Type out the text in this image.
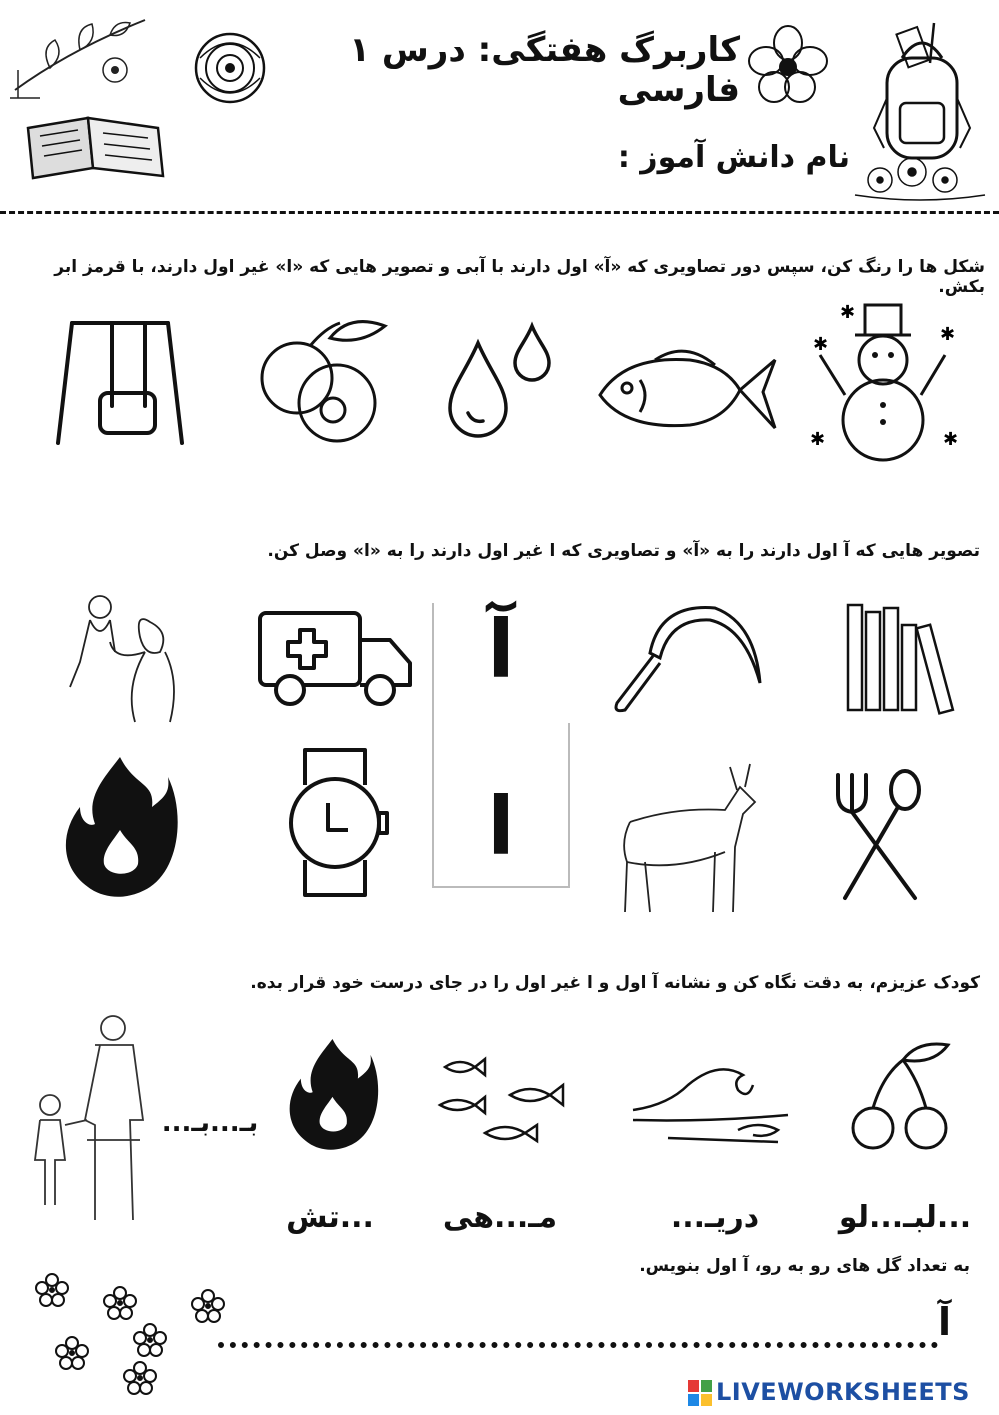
کاربرگ هفتگی: درس ۱ فارسی
نام دانش آموز :
شکل ها را رنگ کن، سپس دور تصاویری که «آ» اول دارند با آبی و تصویر هایی که «ا» غیر اول دارند، با قرمز ابر بکش.
✱	✱
✱	✱
✱
تصویر هایی که آ اول دارند را به «آ» و تصاویری که ا غیر اول دارند را به «ا» وصل کن.
آ
ا
کودک عزیزم، به دقت نگاه کن و نشانه آ اول و ا غیر اول را در جای درست خود قرار بده.
بـ...بـ...
...لبـ...لو
دریـ...
مـ...هی
...تش
به تعداد گل های رو به رو، آ اول بنویس.
آ
LIVEWORKSHEETS
